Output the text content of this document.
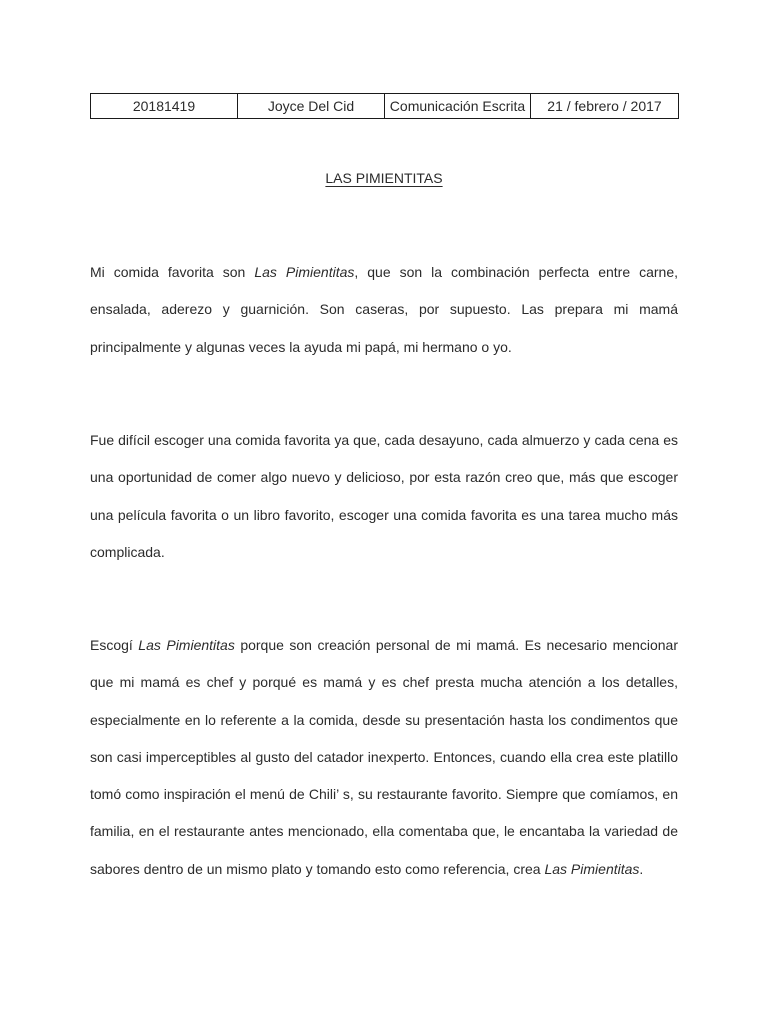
20181419	Joyce Del Cid	Comunicación Escrita	21 / febrero / 2017
LAS PIMIENTITAS

Mi comida favorita son Las Pimientitas, que son la combinación perfecta entre carne, ensalada, aderezo y guarnición. Son caseras, por supuesto. Las prepara mi mamá principalmente y algunas veces la ayuda mi papá, mi hermano o yo.

Fue difícil escoger una comida favorita ya que, cada desayuno, cada almuerzo y cada cena es una oportunidad de comer algo nuevo y delicioso, por esta razón creo que, más que escoger una película favorita o un libro favorito, escoger una comida favorita es una tarea mucho más complicada.

Escogí Las Pimientitas porque son creación personal de mi mamá. Es necesario mencionar que mi mamá es chef y porqué es mamá y es chef presta mucha atención a los detalles, especialmente en lo referente a la comida, desde su presentación hasta los condimentos que son casi imperceptibles al gusto del catador inexperto. Entonces, cuando ella crea este platillo tomó como inspiración el menú de Chili’ s, su restaurante favorito. Siempre que comíamos, en familia, en el restaurante antes mencionado, ella comentaba que, le encantaba la variedad de sabores dentro de un mismo plato y tomando esto como referencia, crea Las Pimientitas.
